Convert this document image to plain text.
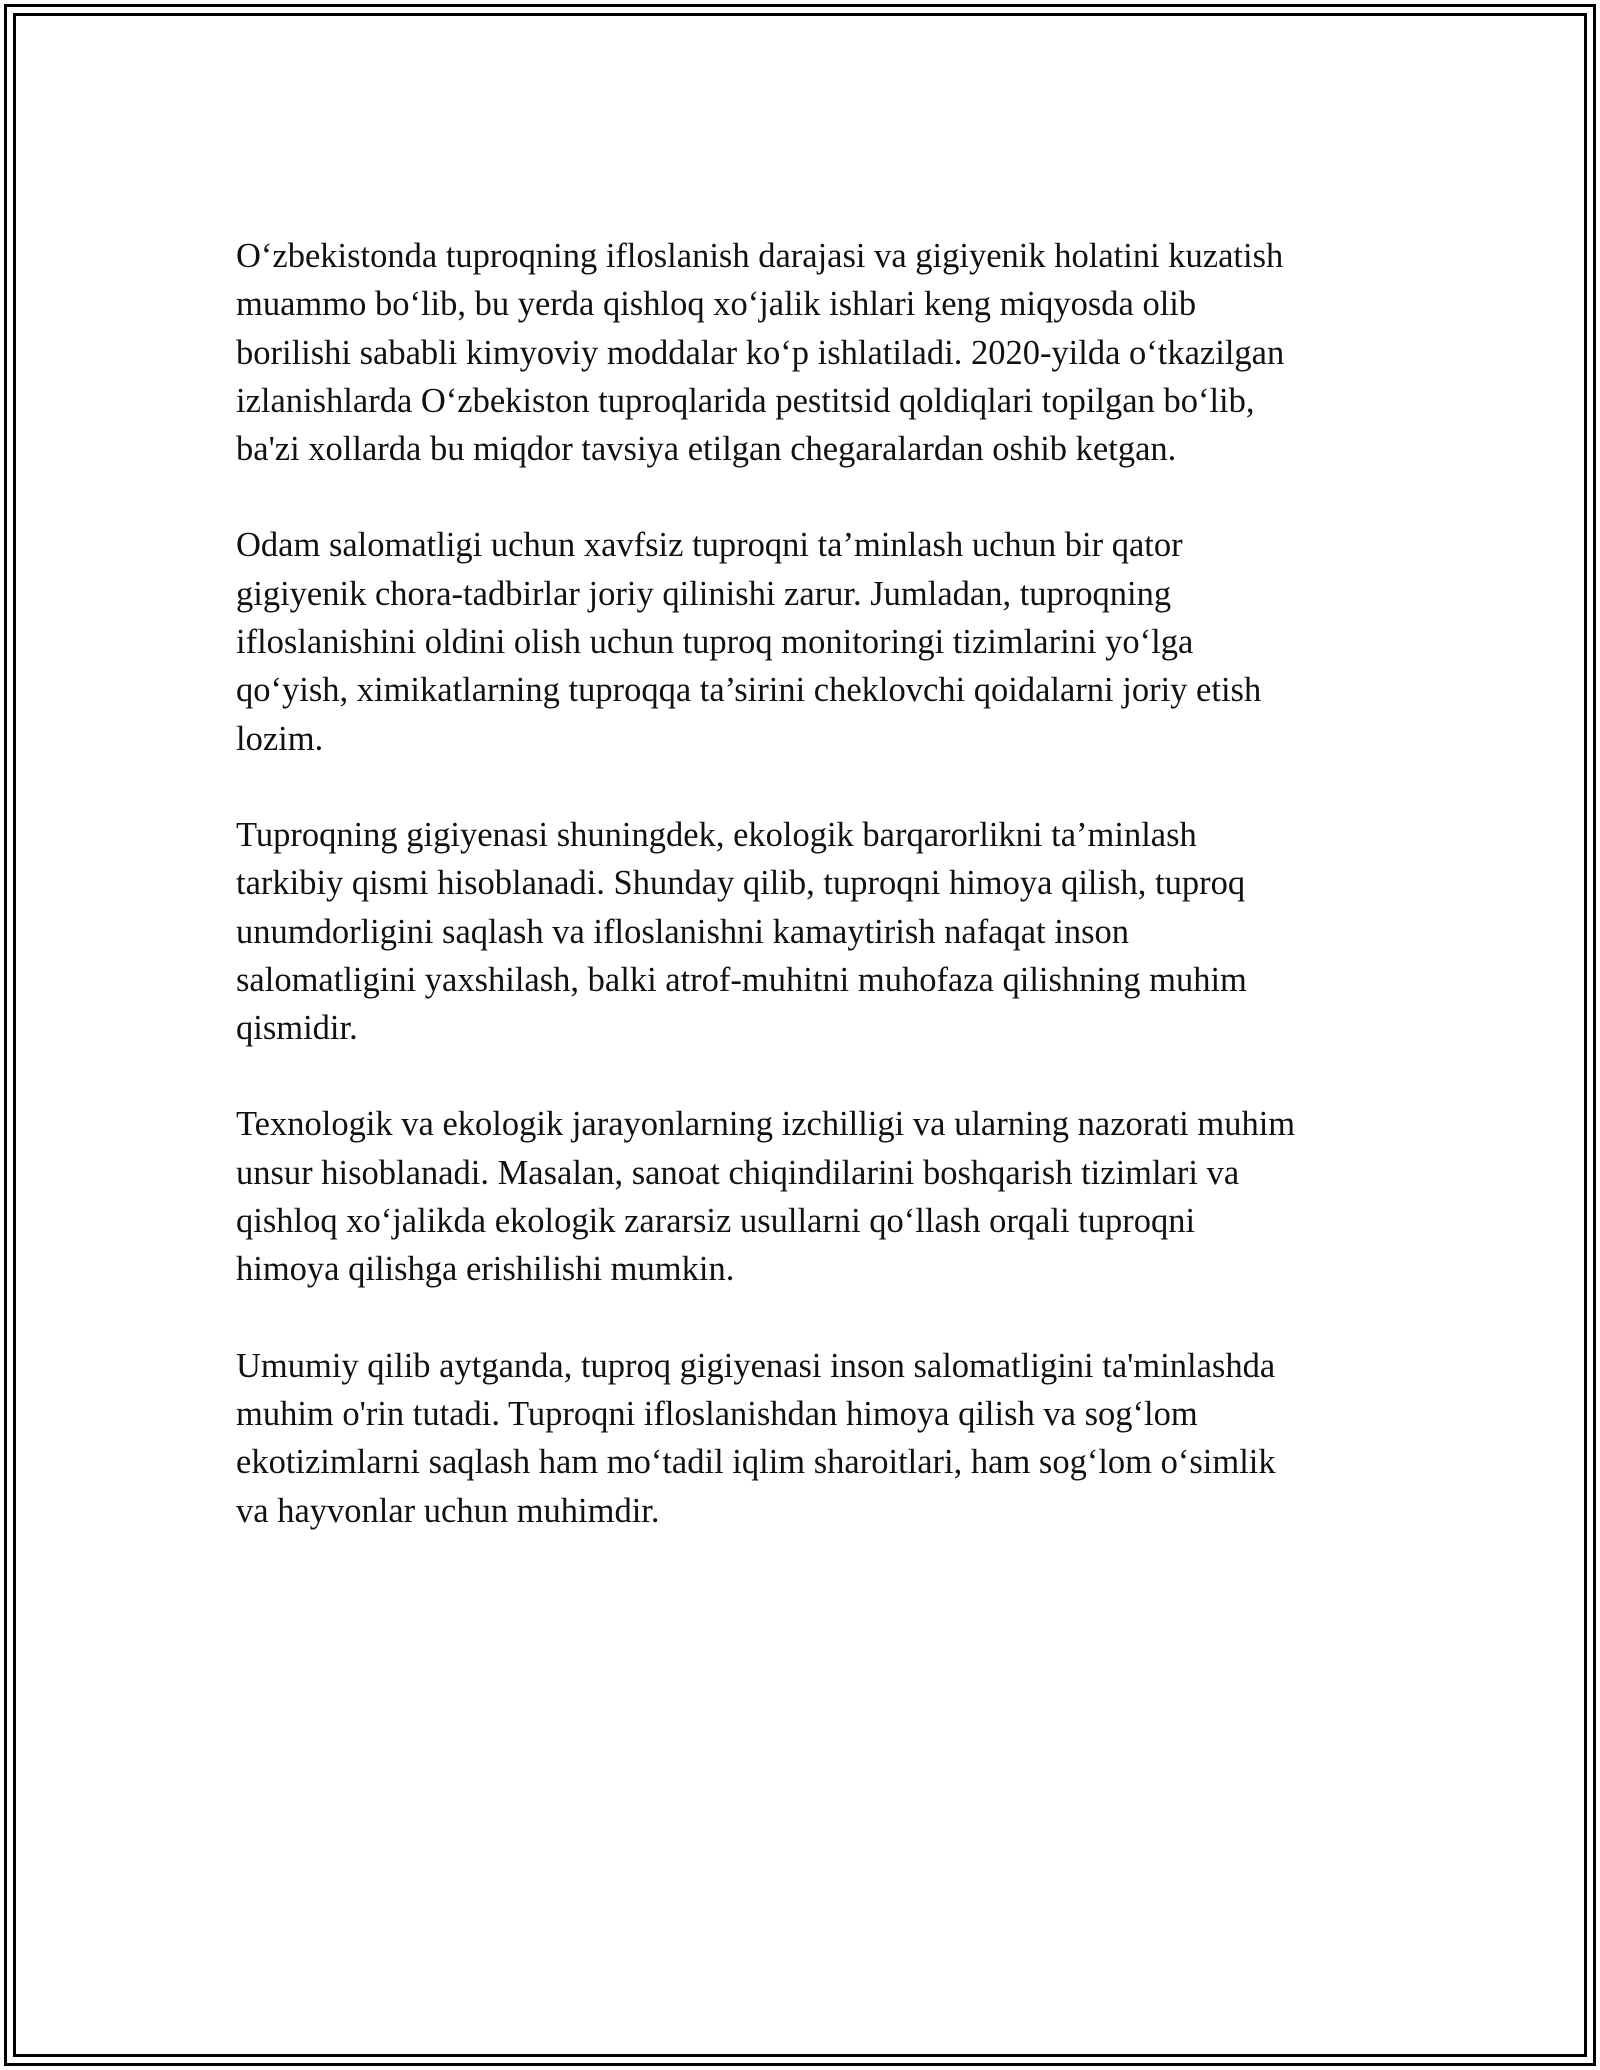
O‘zbekistonda tuproqning ifloslanish darajasi va gigiyenik holatini kuzatish
muammo bo‘lib, bu yerda qishloq xo‘jalik ishlari keng miqyosda olib
borilishi sababli kimyoviy moddalar ko‘p ishlatiladi. 2020-yilda o‘tkazilgan
izlanishlarda O‘zbekiston tuproqlarida pestitsid qoldiqlari topilgan bo‘lib,
ba'zi xollarda bu miqdor tavsiya etilgan chegaralardan oshib ketgan.

Odam salomatligi uchun xavfsiz tuproqni ta’minlash uchun bir qator
gigiyenik chora-tadbirlar joriy qilinishi zarur. Jumladan, tuproqning
ifloslanishini oldini olish uchun tuproq monitoringi tizimlarini yo‘lga
qo‘yish, ximikatlarning tuproqqa ta’sirini cheklovchi qoidalarni joriy etish
lozim.

Tuproqning gigiyenasi shuningdek, ekologik barqarorlikni ta’minlash
tarkibiy qismi hisoblanadi. Shunday qilib, tuproqni himoya qilish, tuproq
unumdorligini saqlash va ifloslanishni kamaytirish nafaqat inson
salomatligini yaxshilash, balki atrof-muhitni muhofaza qilishning muhim
qismidir.

Texnologik va ekologik jarayonlarning izchilligi va ularning nazorati muhim
unsur hisoblanadi. Masalan, sanoat chiqindilarini boshqarish tizimlari va
qishloq xo‘jalikda ekologik zararsiz usullarni qo‘llash orqali tuproqni
himoya qilishga erishilishi mumkin.

Umumiy qilib aytganda, tuproq gigiyenasi inson salomatligini ta'minlashda
muhim o'rin tutadi. Tuproqni ifloslanishdan himoya qilish va sog‘lom
ekotizimlarni saqlash ham mo‘tadil iqlim sharoitlari, ham sog‘lom o‘simlik
va hayvonlar uchun muhimdir.
